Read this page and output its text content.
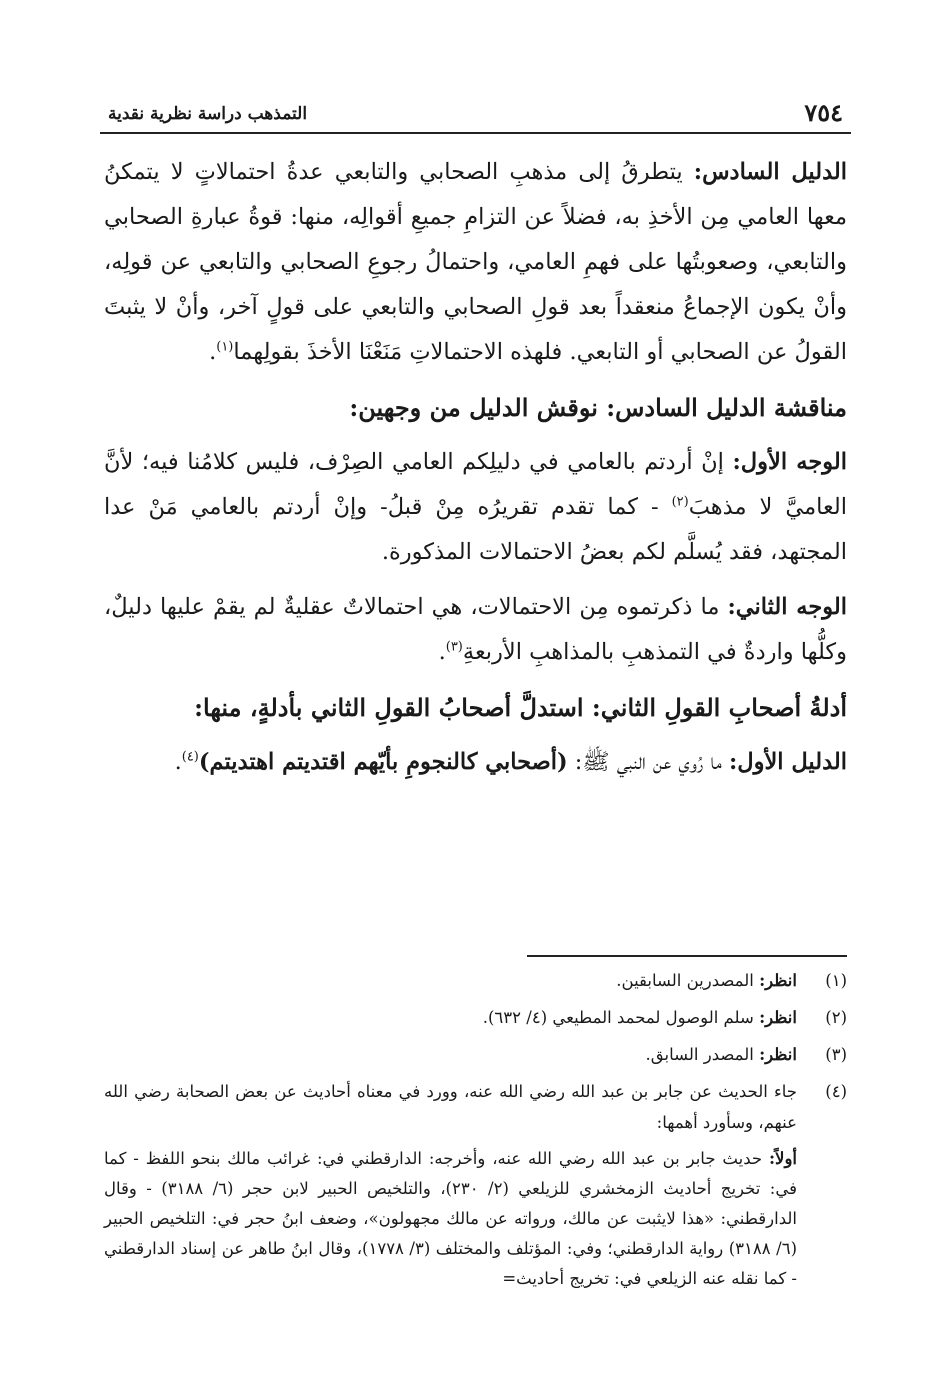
٧٥٤
التمذهب دراسة نظرية نقدية

الدليل السادس: يتطرقُ إلى مذهبِ الصحابي والتابعي عدةُ احتمالاتٍ لا يتمكنُ معها العامي مِن الأخذِ به، فضلاً عن التزامِ جميعِ أقوالِه، منها: قوةُ عبارةِ الصحابي والتابعي، وصعوبتُها على فهمِ العامي، واحتمالُ رجوعِ الصحابي والتابعي عن قولِه، وأنْ يكون الإجماعُ منعقداً بعد قولِ الصحابي والتابعي على قولٍ آخر، وأنْ لا يثبتَ القولُ عن الصحابي أو التابعي. فلهذه الاحتمالاتِ مَنَعْنَا الأخذَ بقولِهما$^{(١)}$.

مناقشة الدليل السادس: نوقش الدليل من وجهين:

الوجه الأول: إنْ أردتم بالعامي في دليلِكم العامي الصِرْف، فليس كلامُنا فيه؛ لأنَّ العاميَّ لا مذهبَ$^{(٢)}$ - كما تقدم تقريرُه مِنْ قبلُ- وإنْ أردتم بالعامي مَنْ عدا المجتهد، فقد يُسلَّم لكم بعضُ الاحتمالات المذكورة.

الوجه الثاني: ما ذكرتموه مِن الاحتمالات، هي احتمالاتٌ عقليةٌ لم يقمْ عليها دليلٌ، وكلُّها واردةٌ في التمذهبِ بالمذاهبِ الأربعةِ$^{(٣)}$.

أدلةُ أصحابِ القولِ الثاني: استدلَّ أصحابُ القولِ الثاني بأدلةٍ، منها:

الدليل الأول: ما رُوي عن النبي ﷺ: (أصحابي كالنجومِ بأيّهم اقتديتم اهتديتم)$^{(٤)}$.

(١)
انظر: المصدرين السابقين.
(٢)
انظر: سلم الوصول لمحمد المطيعي (٤/ ٦٣٢).
(٣)
انظر: المصدر السابق.
(٤)
جاء الحديث عن جابر بن عبد الله رضي الله عنه، وورد في معناه أحاديث عن بعض الصحابة رضي الله عنهم، وسأورد أهمها:

أولاً: حديث جابر بن عبد الله رضي الله عنه، وأخرجه: الدارقطني في: غرائب مالك بنحو اللفظ - كما في: تخريج أحاديث الزمخشري للزيلعي (٢/ ٢٣٠)، والتلخيص الحبير لابن حجر (٦/ ٣١٨٨) - وقال الدارقطني: «هذا لايثبت عن مالك، ورواته عن مالك مجهولون»، وضعف ابنُ حجر في: التلخيص الحبير (٦/ ٣١٨٨) رواية الدارقطني؛ وفي: المؤتلف والمختلف (٣/ ١٧٧٨)، وقال ابنُ طاهر عن إسناد الدارقطني - كما نقله عنه الزيلعي في: تخريج أحاديث=
